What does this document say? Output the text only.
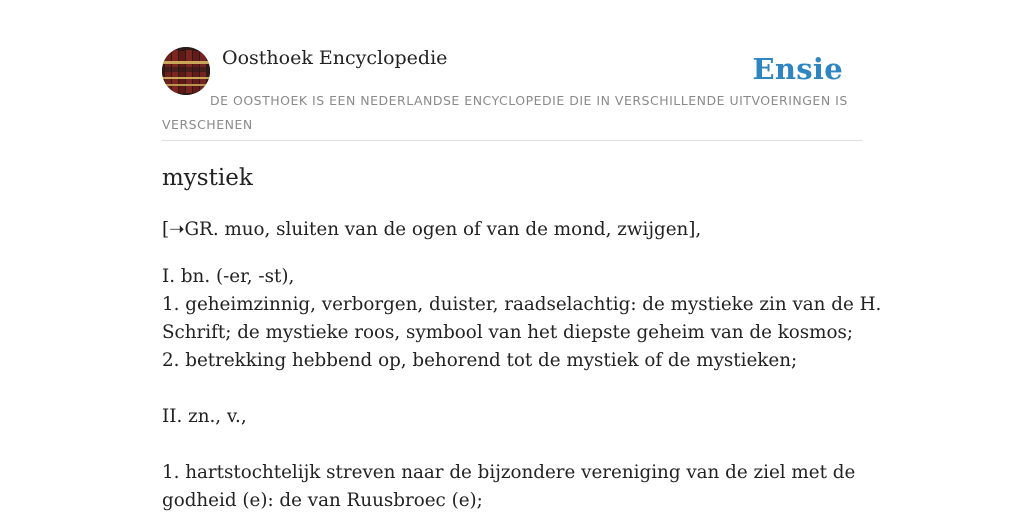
Oosthoek Encyclopedie	Ensie
DE OOSTHOEK IS EEN NEDERLANDSE ENCYCLOPEDIE DIE IN VERSCHILLENDE UITVOERINGEN IS VERSCHENEN
mystiek

[➝GR. muo, sluiten van de ogen of van de mond, zwijgen],

I. bn. (-er, -st),
1. geheimzinnig, verborgen, duister, raadselachtig: de mystieke zin van de H.
Schrift; de mystieke roos, symbool van het diepste geheim van de kosmos;
2. betrekking hebbend op, behorend tot de mystiek of de mystieken;
II. zn., v.,
1. hartstochtelijk streven naar de bijzondere vereniging van de ziel met de
godheid (e): de van Ruusbroec (e);
